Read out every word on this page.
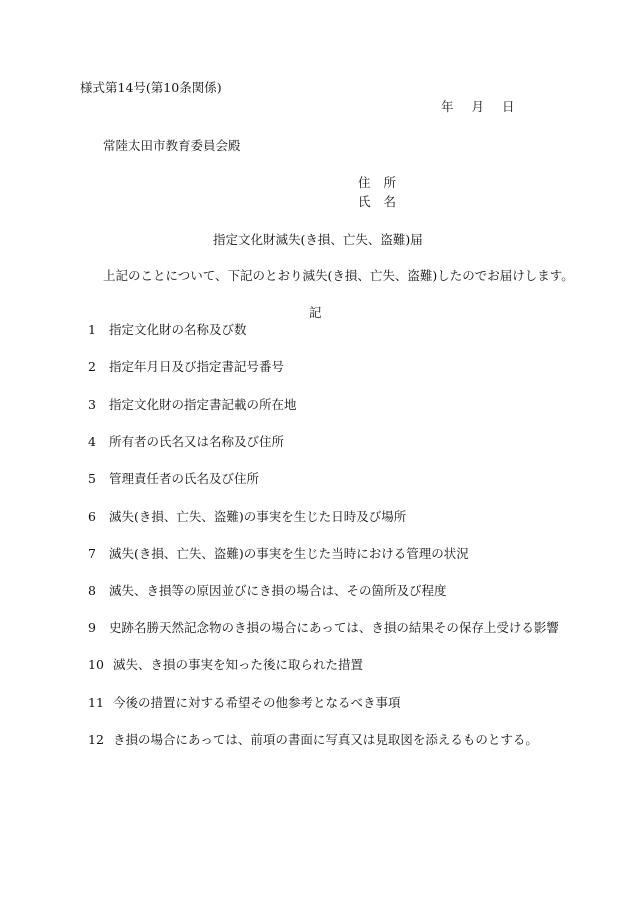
様式第14号(第10条関係)
年 月 日
常陸太田市教育委員会殿
住 所
氏 名
指定文化財滅失(き損、亡失、盗難)届
上記のことについて、下記のとおり滅失(き損、亡失、盗難)したのでお届けします。
記
1 指定文化財の名称及び数
2 指定年月日及び指定書記号番号
3 指定文化財の指定書記載の所在地
4 所有者の氏名又は名称及び住所
5 管理責任者の氏名及び住所
6 滅失(き損、亡失、盗難)の事実を生じた日時及び場所
7 滅失(き損、亡失、盗難)の事実を生じた当時における管理の状況
8 滅失、き損等の原因並びにき損の場合は、その箇所及び程度
9 史跡名勝天然記念物のき損の場合にあっては、き損の結果その保存上受ける影響
10 滅失、き損の事実を知った後に取られた措置
11 今後の措置に対する希望その他参考となるべき事項
12 き損の場合にあっては、前項の書面に写真又は見取図を添えるものとする。
